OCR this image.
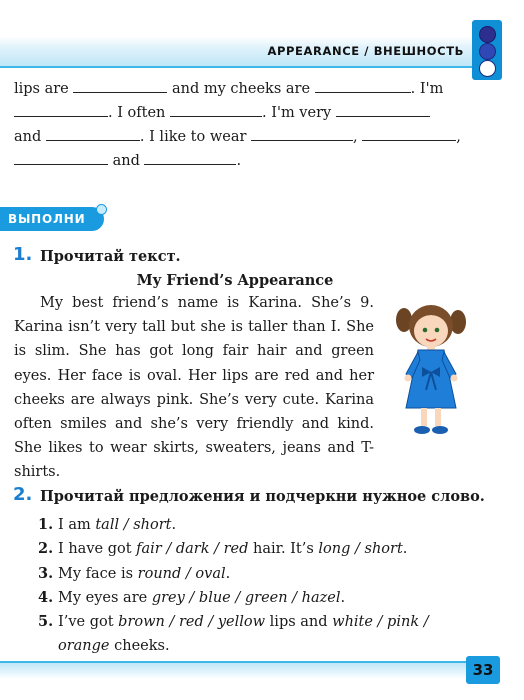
APPEARANCE / ВНЕШНОСТЬ
lips are	and my cheeks are	. I'm
. I often	. I'm very
and	. I like to wear	,	,
and	.
ВЫПОЛНИ
1. Прочитай текст.
My Friend’s Appearance

My best friend’s name is Karina. She’s 9. Karina isn’t very tall but she is taller than I. She is slim. She has got long fair hair and green eyes. Her face is oval. Her lips are red and her cheeks are always pink. She’s very cute. Karina often smiles and she’s very friendly and kind. She likes to wear skirts, sweaters, jeans and T-shirts.

2. Прочитай предложения и подчеркни нужное слово.
1. I am tall / short.
2. I have got fair / dark / red hair. It’s long / short.
3. My face is round / oval.
4. My eyes are grey / blue / green / hazel.
5. I’ve got brown / red / yellow lips and white / pink /
orange cheeks.
33
